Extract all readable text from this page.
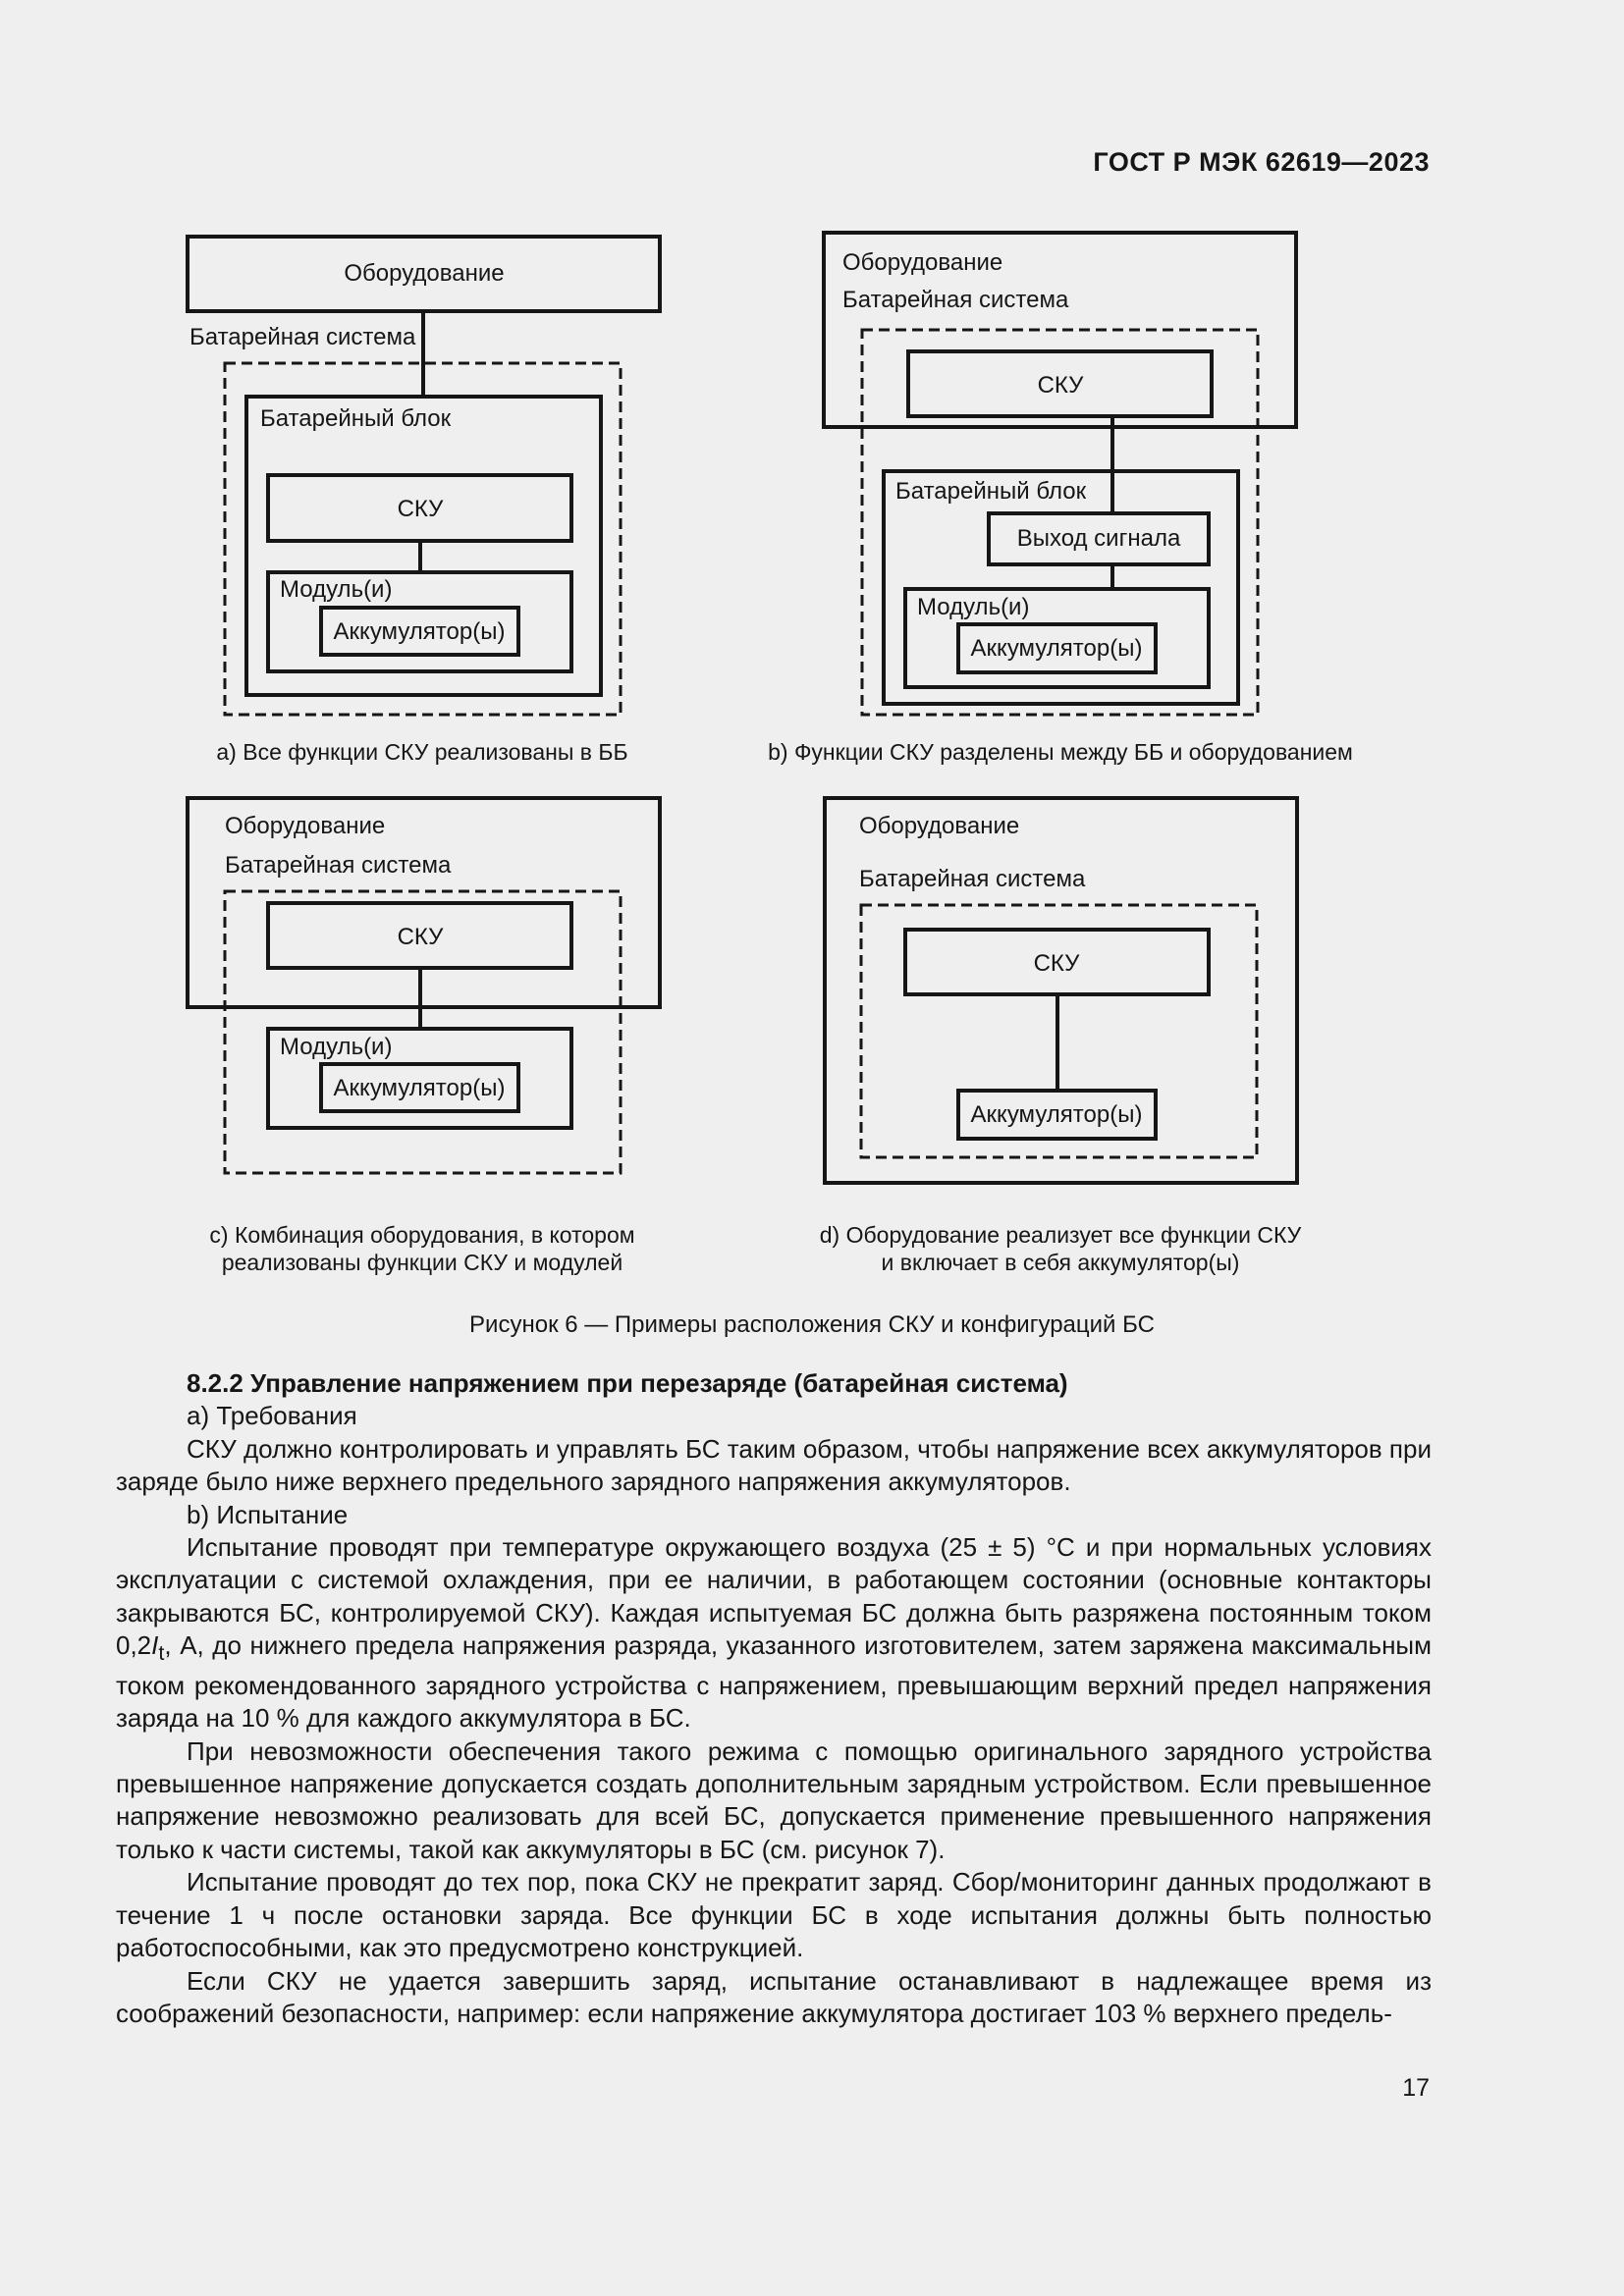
ГОСТ Р МЭК 62619—2023
Оборудование
Батарейная система
Батарейный блок
СКУ
Модуль(и)
Аккумулятор(ы)
Оборудование
Батарейная система
СКУ
Батарейный блок
Выход сигнала
Модуль(и)
Аккумулятор(ы)
Оборудование
Батарейная система
СКУ
Модуль(и)
Аккумулятор(ы)
Оборудование
Батарейная система
СКУ
Аккумулятор(ы)
a) Все функции СКУ реализованы в ББ	b) Функции СКУ разделены между ББ и оборудованием
c) Комбинация оборудования, в котором
реализованы функции СКУ и модулей
d) Оборудование реализует все функции СКУ
и включает в себя аккумулятор(ы)
Рисунок 6 — Примеры расположения СКУ и конфигураций БС

8.2.2 Управление напряжением при перезаряде (батарейная система)

а) Требования

СКУ должно контролировать и управлять БС таким образом, чтобы напряжение всех аккумуляторов при заряде было ниже верхнего предельного зарядного напряжения аккумуляторов.

b) Испытание

Испытание проводят при температуре окружающего воздуха (25 ± 5) °С и при нормальных условиях эксплуатации с системой охлаждения, при ее наличии, в работающем состоянии (основные контакторы закрываются БС, контролируемой СКУ). Каждая испытуемая БС должна быть разряжена постоянным током $0,2I_t$, А, до нижнего предела напряжения разряда, указанного изготовителем, затем заряжена максимальным током рекомендованного зарядного устройства с напряжением, превышающим верхний предел напряжения заряда на 10 % для каждого аккумулятора в БС.

При невозможности обеспечения такого режима с помощью оригинального зарядного устройства превышенное напряжение допускается создать дополнительным зарядным устройством. Если превышенное напряжение невозможно реализовать для всей БС, допускается применение превышенного напряжения только к части системы, такой как аккумуляторы в БС (см. рисунок 7).

Испытание проводят до тех пор, пока СКУ не прекратит заряд. Сбор/мониторинг данных продолжают в течение 1 ч после остановки заряда. Все функции БС в ходе испытания должны быть полностью работоспособными, как это предусмотрено конструкцией.

Если СКУ не удается завершить заряд, испытание останавливают в надлежащее время из соображений безопасности, например: если напряжение аккумулятора достигает 103 % верхнего предель-

17
